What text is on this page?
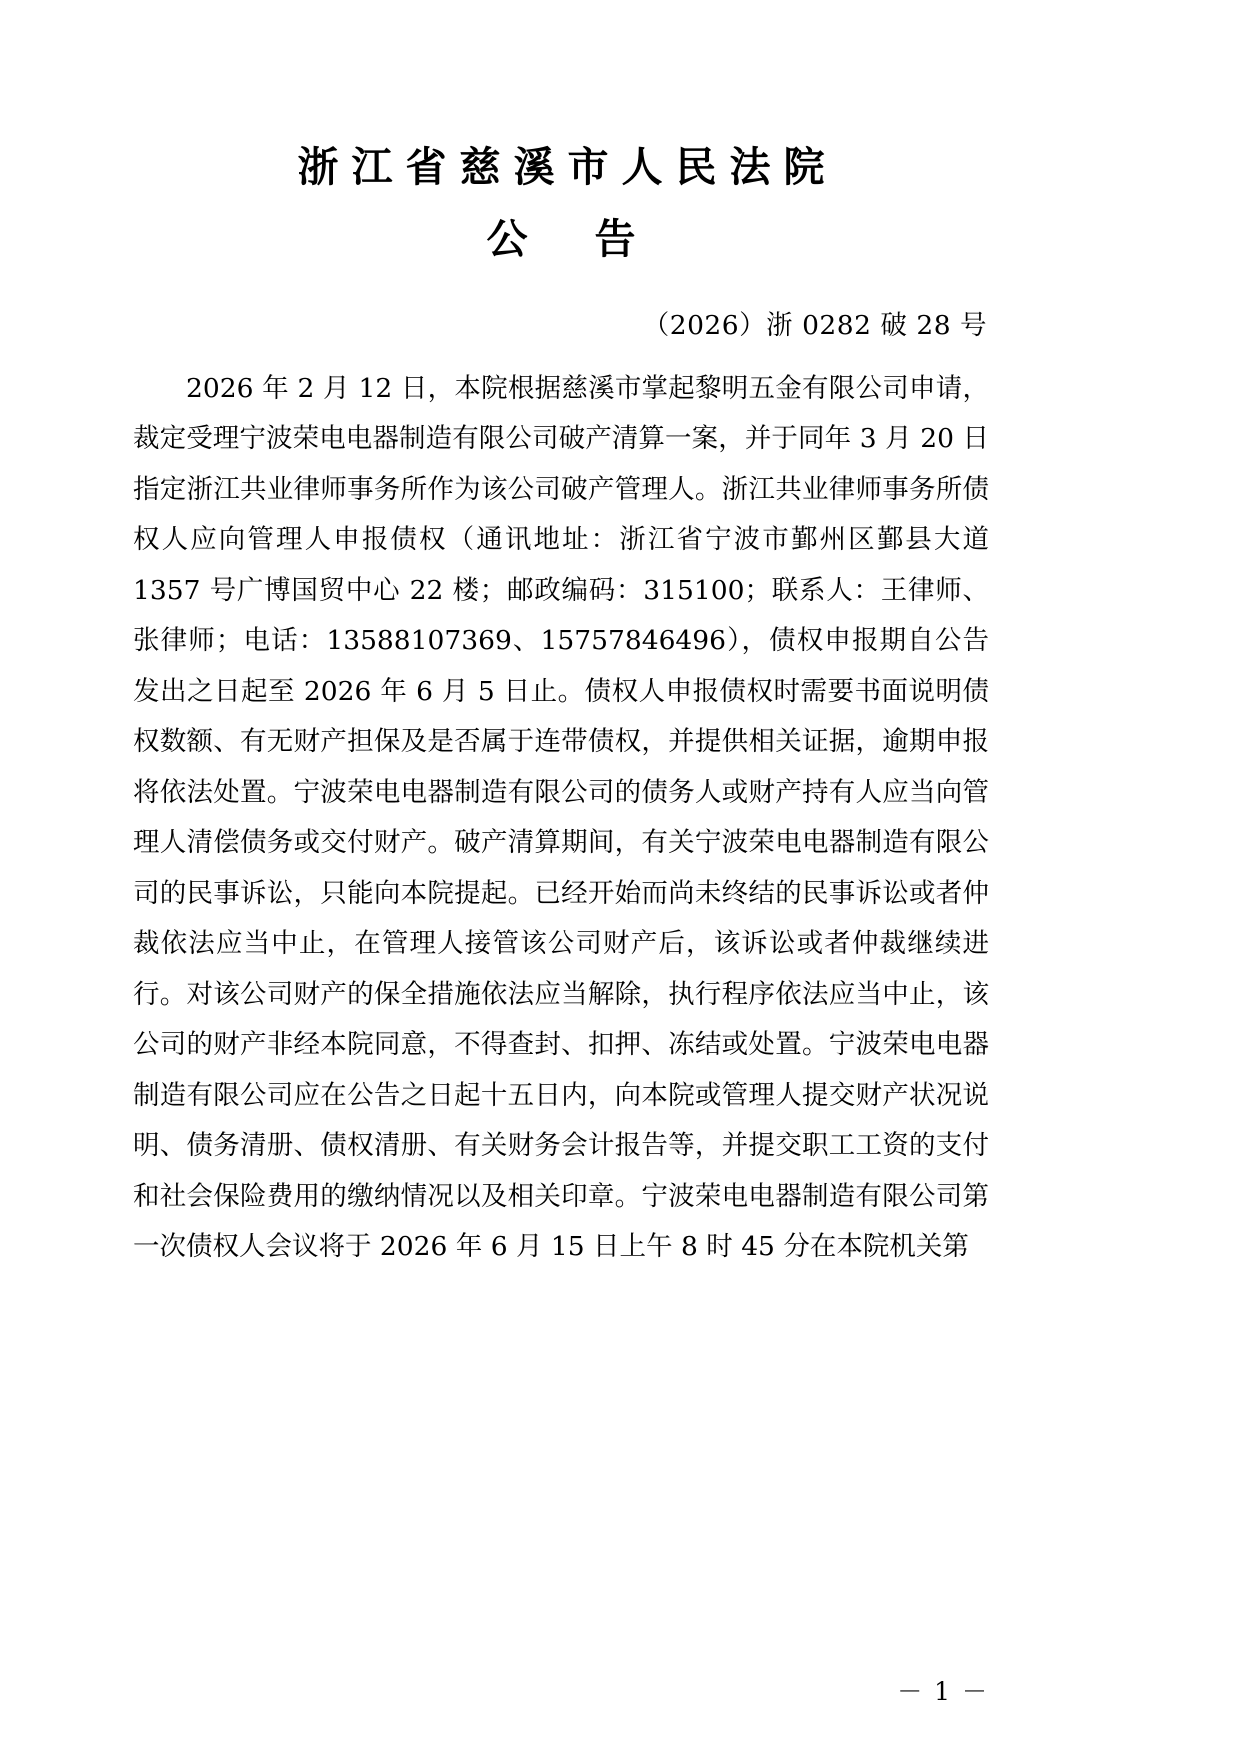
浙江省慈溪市人民法院
公　告
（2026）浙 0282 破 28 号

2026 年 2 月 12 日，本院根据慈溪市掌起黎明五金有限公司申请，裁定受理宁波荣电电器制造有限公司破产清算一案，并于同年 3 月 20 日指定浙江共业律师事务所作为该公司破产管理人。浙江共业律师事务所债权人应向管理人申报债权（通讯地址：浙江省宁波市鄞州区鄞县大道 1357 号广博国贸中心 22 楼；邮政编码：315100；联系人：王律师、张律师；电话：13588107369、15757846496），债权申报期自公告发出之日起至 2026 年 6 月 5 日止。债权人申报债权时需要书面说明债权数额、有无财产担保及是否属于连带债权，并提供相关证据，逾期申报将依法处置。宁波荣电电器制造有限公司的债务人或财产持有人应当向管理人清偿债务或交付财产。破产清算期间，有关宁波荣电电器制造有限公司的民事诉讼，只能向本院提起。已经开始而尚未终结的民事诉讼或者仲裁依法应当中止，在管理人接管该公司财产后，该诉讼或者仲裁继续进行。对该公司财产的保全措施依法应当解除，执行程序依法应当中止，该公司的财产非经本院同意，不得查封、扣押、冻结或处置。宁波荣电电器制造有限公司应在公告之日起十五日内，向本院或管理人提交财产状况说明、债务清册、债权清册、有关财务会计报告等，并提交职工工资的支付和社会保险费用的缴纳情况以及相关印章。宁波荣电电器制造有限公司第一次债权人会议将于 2026 年 6 月 15 日上午 8 时 45 分在本院机关第

－ 1 －
